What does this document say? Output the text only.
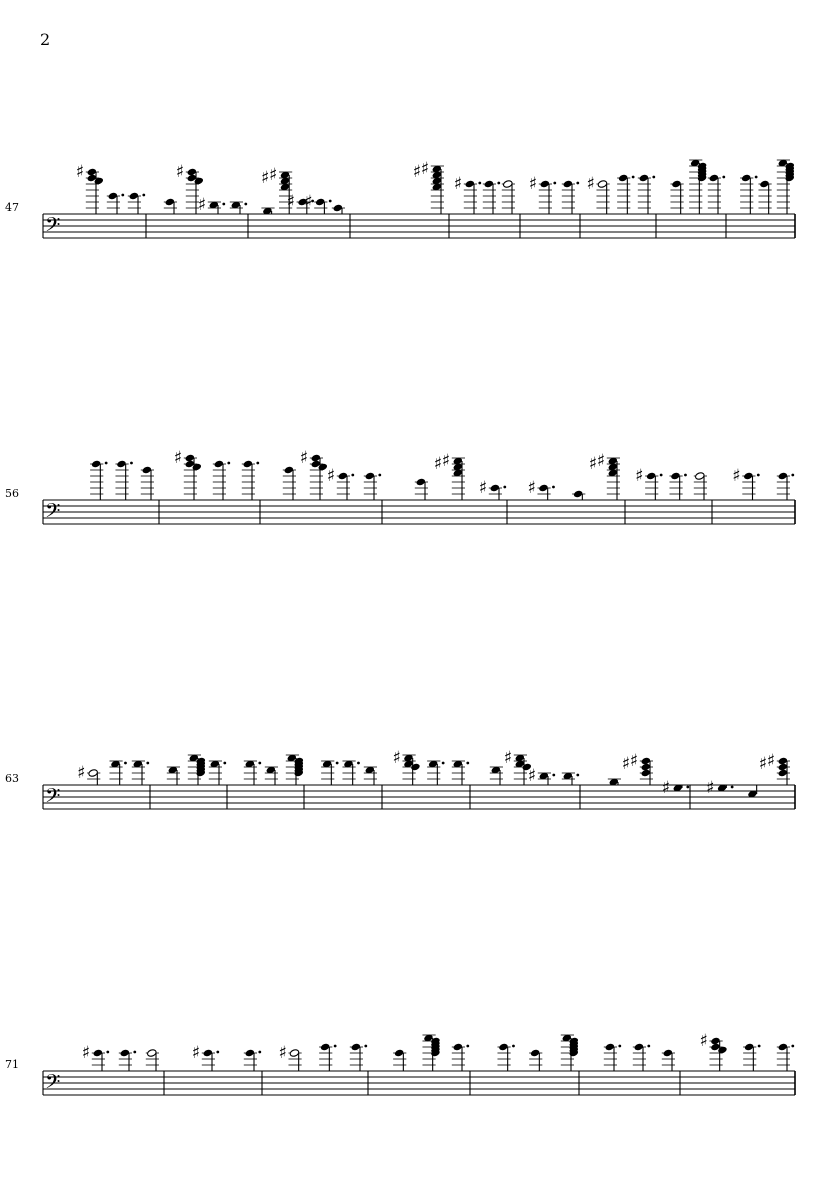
2
𝄢
47
♯	♯
♯
♯
♯
♯ ♯
♯
♯
♯	♯	♯
𝄢
56
♯	♯
♯
♯
♯
♯ ♯
♯
♯
♯	♯
𝄢
63	♯
♯	♯
♯
♯
♯
♯ ♯
♯
♯
𝄢
71
♯	♯	♯
♯
